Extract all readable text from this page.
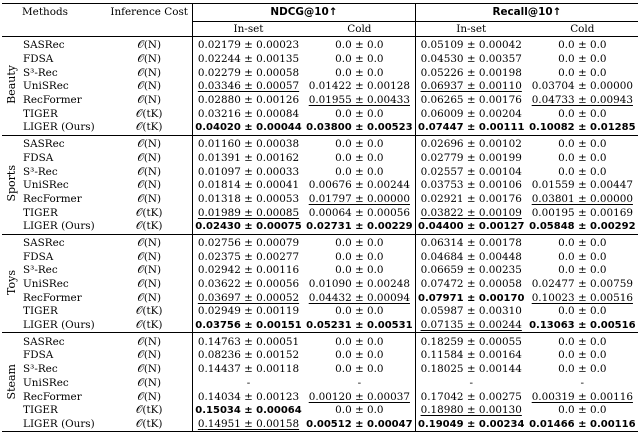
	Methods	Inference Cost	NDCG@10↑		Recall@10↑	
			In-set	Cold	In-set	Cold
Beauty	SASRec	𝒪(N)	0.02179 ± 0.00023	0.0 ± 0.0	0.05109 ± 0.00042	0.0 ± 0.0
	FDSA	𝒪(N)	0.02244 ± 0.00135	0.0 ± 0.0	0.04530 ± 0.00357	0.0 ± 0.0
	S³-Rec	𝒪(N)	0.02279 ± 0.00058	0.0 ± 0.0	0.05226 ± 0.00198	0.0 ± 0.0
	UniSRec	𝒪(N)	0.03346 ± 0.00057	0.01422 ± 0.00128	0.06937 ± 0.00110	0.03704 ± 0.00000
	RecFormer	𝒪(N)	0.02880 ± 0.00126	0.01955 ± 0.00433	0.06265 ± 0.00176	0.04733 ± 0.00943
	TIGER	𝒪(tK)	0.03216 ± 0.00084	0.0 ± 0.0	0.06009 ± 0.00204	0.0 ± 0.0
	LIGER (Ours)	𝒪(tK)	0.04020 ± 0.00044	0.03800 ± 0.00523	0.07447 ± 0.00111	0.10082 ± 0.01285
Sports	SASRec	𝒪(N)	0.01160 ± 0.00038	0.0 ± 0.0	0.02696 ± 0.00102	0.0 ± 0.0
	FDSA	𝒪(N)	0.01391 ± 0.00162	0.0 ± 0.0	0.02779 ± 0.00199	0.0 ± 0.0
	S³-Rec	𝒪(N)	0.01097 ± 0.00033	0.0 ± 0.0	0.02557 ± 0.00104	0.0 ± 0.0
	UniSRec	𝒪(N)	0.01814 ± 0.00041	0.00676 ± 0.00244	0.03753 ± 0.00106	0.01559 ± 0.00447
	RecFormer	𝒪(N)	0.01318 ± 0.00053	0.01797 ± 0.00000	0.02921 ± 0.00176	0.03801 ± 0.00000
	TIGER	𝒪(tK)	0.01989 ± 0.00085	0.00064 ± 0.00056	0.03822 ± 0.00109	0.00195 ± 0.00169
	LIGER (Ours)	𝒪(tK)	0.02430 ± 0.00075	0.02731 ± 0.00229	0.04400 ± 0.00127	0.05848 ± 0.00292
Toys	SASRec	𝒪(N)	0.02756 ± 0.00079	0.0 ± 0.0	0.06314 ± 0.00178	0.0 ± 0.0
	FDSA	𝒪(N)	0.02375 ± 0.00277	0.0 ± 0.0	0.04684 ± 0.00448	0.0 ± 0.0
	S³-Rec	𝒪(N)	0.02942 ± 0.00116	0.0 ± 0.0	0.06659 ± 0.00235	0.0 ± 0.0
	UniSRec	𝒪(N)	0.03622 ± 0.00056	0.01090 ± 0.00248	0.07472 ± 0.00058	0.02477 ± 0.00759
	RecFormer	𝒪(N)	0.03697 ± 0.00052	0.04432 ± 0.00094	0.07971 ± 0.00170	0.10023 ± 0.00516
	TIGER	𝒪(tK)	0.02949 ± 0.00119	0.0 ± 0.0	0.05987 ± 0.00310	0.0 ± 0.0
	LIGER (Ours)	𝒪(tK)	0.03756 ± 0.00151	0.05231 ± 0.00531	0.07135 ± 0.00244	0.13063 ± 0.00516
Steam	SASRec	𝒪(N)	0.14763 ± 0.00051	0.0 ± 0.0	0.18259 ± 0.00055	0.0 ± 0.0
	FDSA	𝒪(N)	0.08236 ± 0.00152	0.0 ± 0.0	0.11584 ± 0.00164	0.0 ± 0.0
	S³-Rec	𝒪(N)	0.14437 ± 0.00118	0.0 ± 0.0	0.18025 ± 0.00144	0.0 ± 0.0
	UniSRec	𝒪(N)	-	-	-	-
	RecFormer	𝒪(N)	0.14034 ± 0.00123	0.00120 ± 0.00037	0.17042 ± 0.00275	0.00319 ± 0.00116
	TIGER	𝒪(tK)	0.15034 ± 0.00064	0.0 ± 0.0	0.18980 ± 0.00130	0.0 ± 0.0
	LIGER (Ours)	𝒪(tK)	0.14951 ± 0.00158	0.00512 ± 0.00047	0.19049 ± 0.00234	0.01466 ± 0.00116
